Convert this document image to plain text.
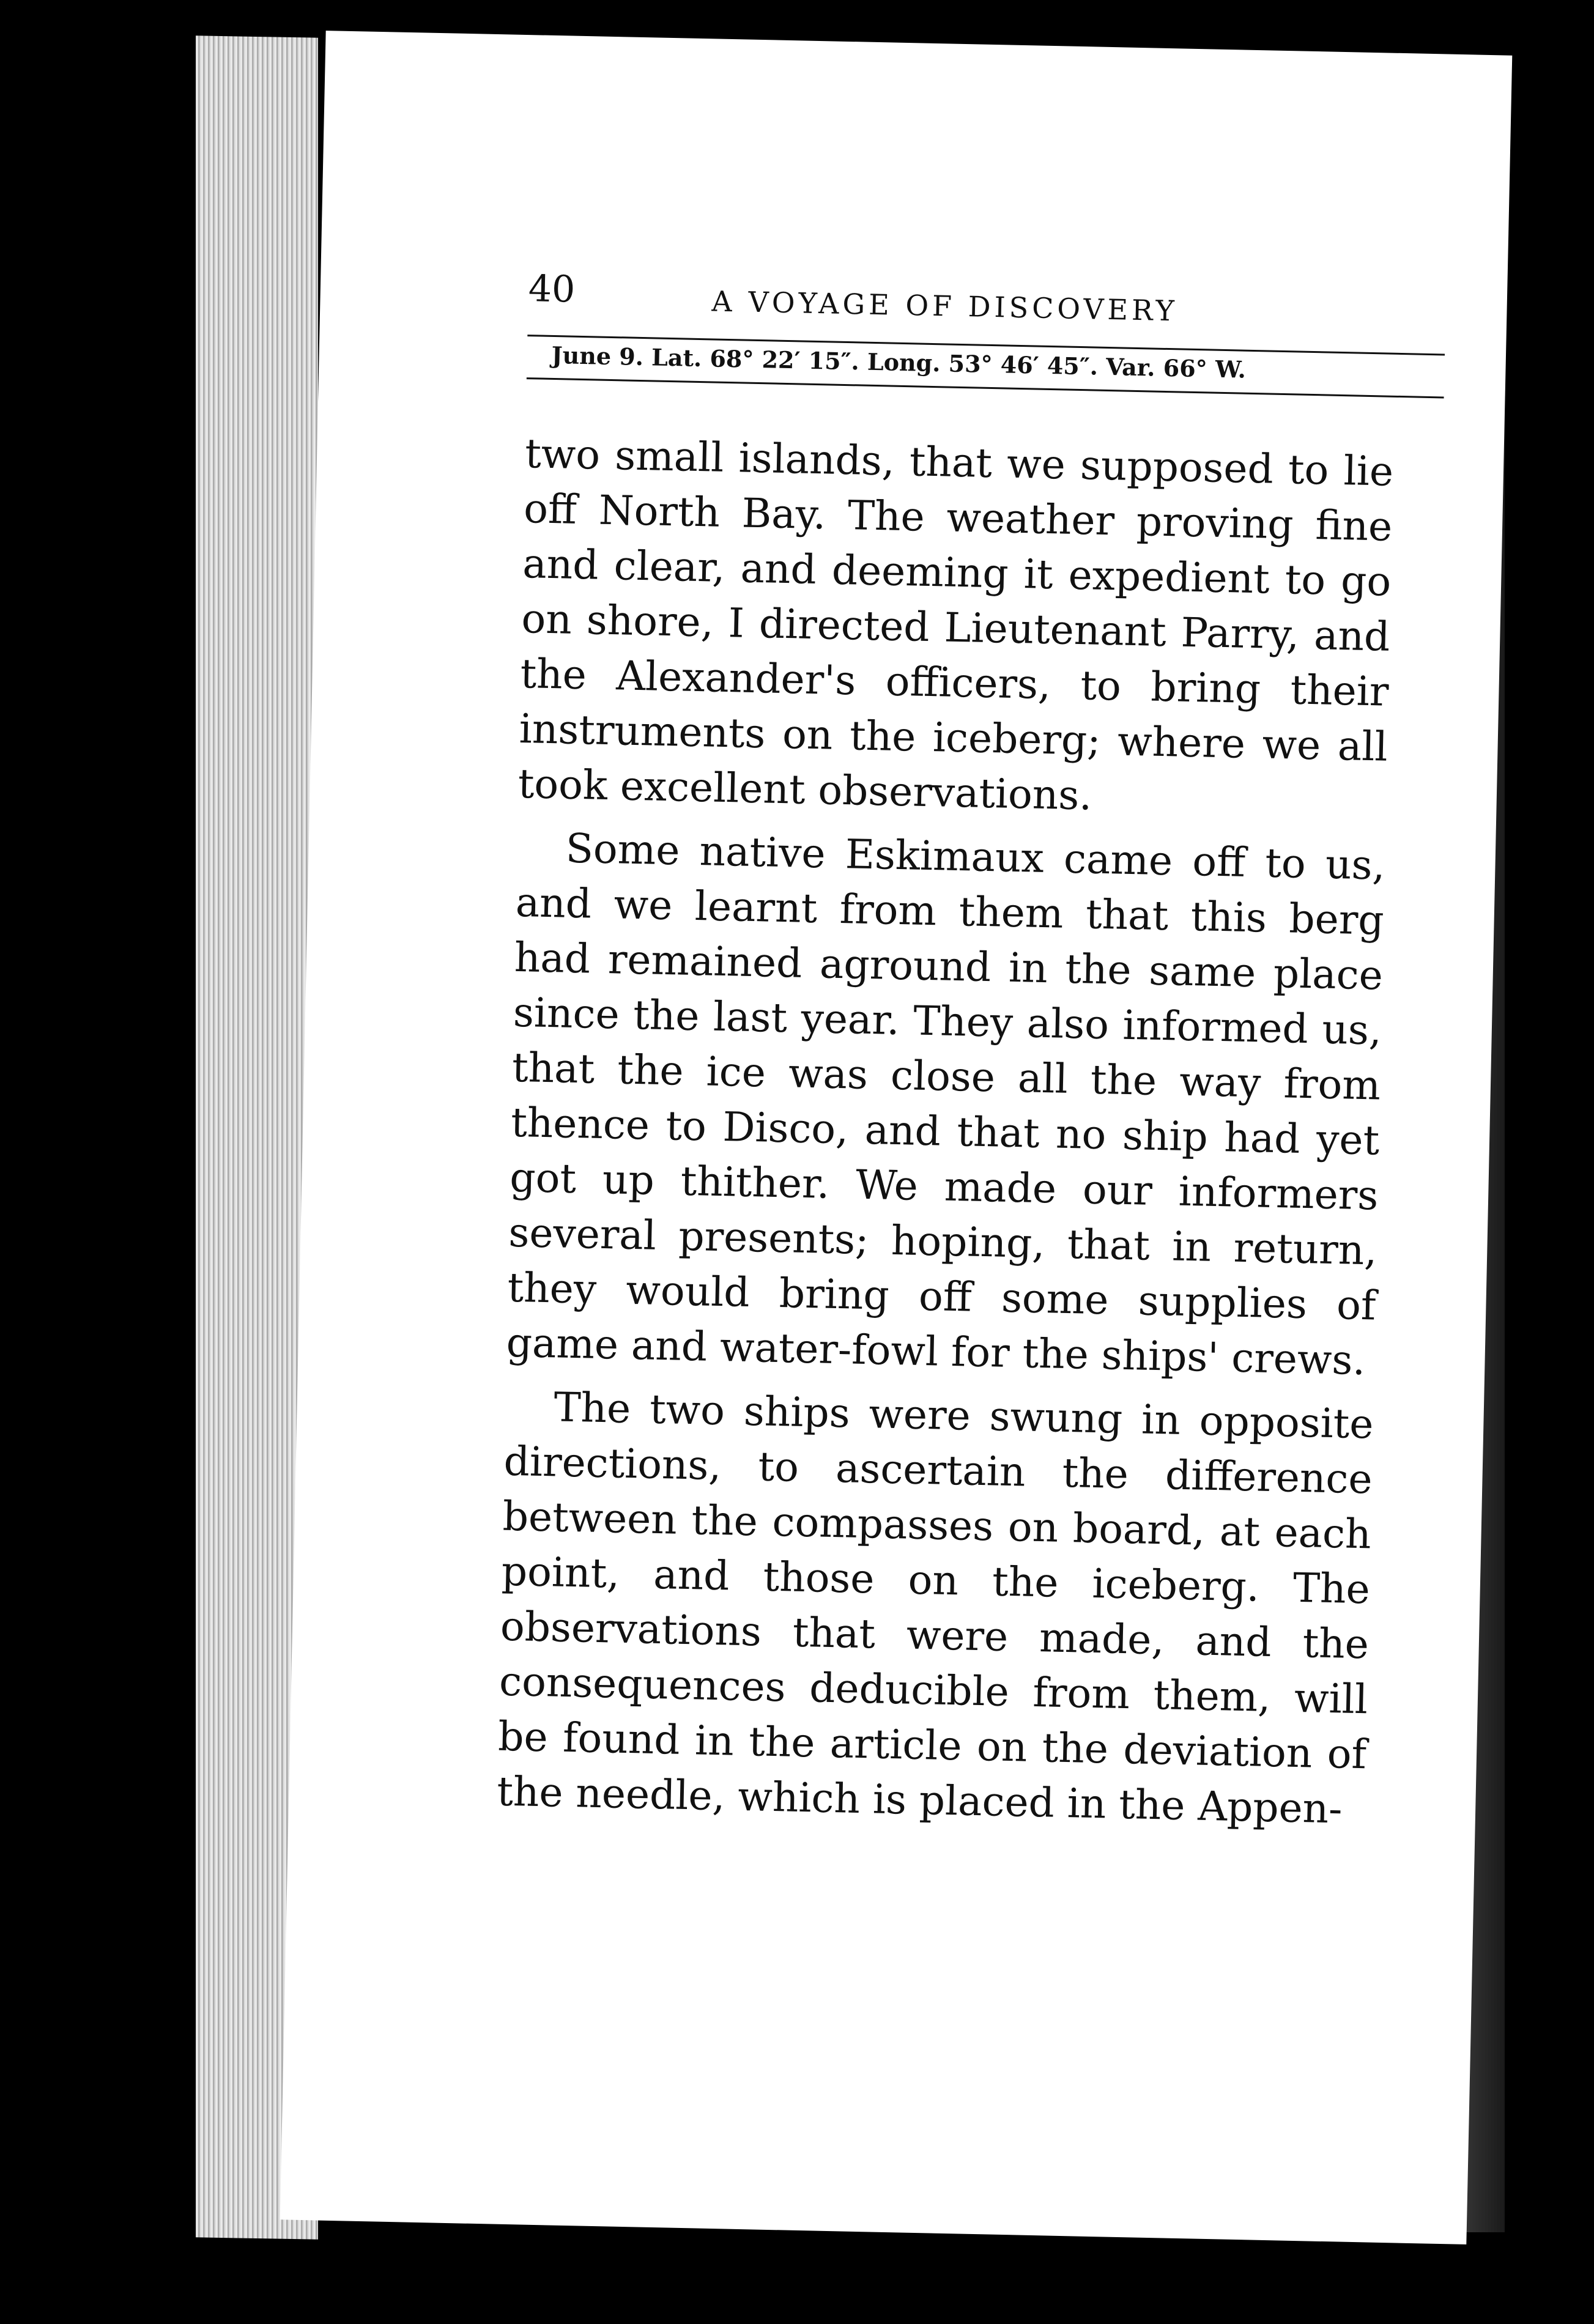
40	A VOYAGE OF DISCOVERY
June 9. Lat. 68° 22′ 15″. Long. 53° 46′ 45″. Var. 66° W.

two small islands, that we supposed to lie off North Bay. The weather proving fine and clear, and deeming it expedient to go on shore, I directed Lieutenant Parry, and the Alexander's officers, to bring their instruments on the iceberg; where we all took excellent observations.

Some native Eskimaux came off to us, and we learnt from them that this berg had remained aground in the same place since the last year. They also informed us, that the ice was close all the way from thence to Disco, and that no ship had yet got up thither. We made our informers several presents; hoping, that in return, they would bring off some supplies of game and water-fowl for the ships' crews.

The two ships were swung in opposite directions, to ascertain the difference between the compasses on board, at each point, and those on the iceberg. The observations that were made, and the consequences deducible from them, will be found in the article on the deviation of the needle, which is placed in the Appen-
